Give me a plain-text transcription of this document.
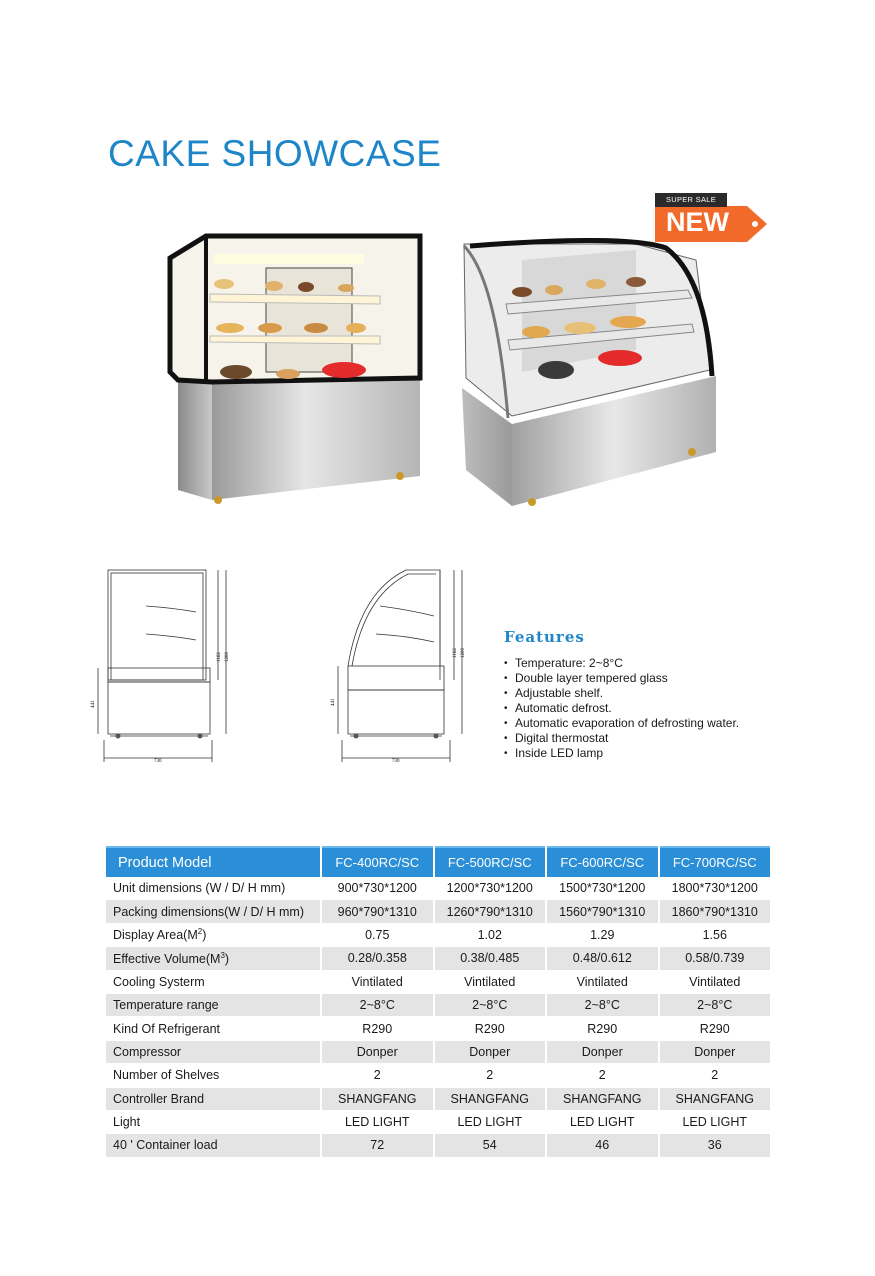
CAKE SHOWCASE
SUPER SALE
NEW
730
1162 1200
441
730
1162 1200
441
Features
• Temperature: 2~8°C
• Double layer tempered glass
• Adjustable shelf.
• Automatic defrost.
• Automatic evaporation of defrosting water.
• Digital thermostat
• Inside LED lamp
Product Model	FC-400RC/SC	FC-500RC/SC	FC-600RC/SC	FC-700RC/SC
Unit dimensions (W / D/ H mm)	900*730*1200	1200*730*1200	1500*730*1200	1800*730*1200
Packing dimensions(W / D/ H mm)	960*790*1310	1260*790*1310	1560*790*1310	1860*790*1310
Display $Area(M^2)$	0.75	1.02	1.29	1.56
Effective $Volume(M^3)$	0.28/0.358	0.38/0.485	0.48/0.612	0.58/0.739
Cooling Systerm	Vintilated	Vintilated	Vintilated	Vintilated
Temperature range	2~8°C	2~8°C	2~8°C	2~8°C
Kind Of Refrigerant	R290	R290	R290	R290
Compressor	Donper	Donper	Donper	Donper
Number of Shelves	2	2	2	2
Controller Brand	SHANGFANG	SHANGFANG	SHANGFANG	SHANGFANG
Light	LED LIGHT	LED LIGHT	LED LIGHT	LED LIGHT
40 ' Container load	72	54	46	36
